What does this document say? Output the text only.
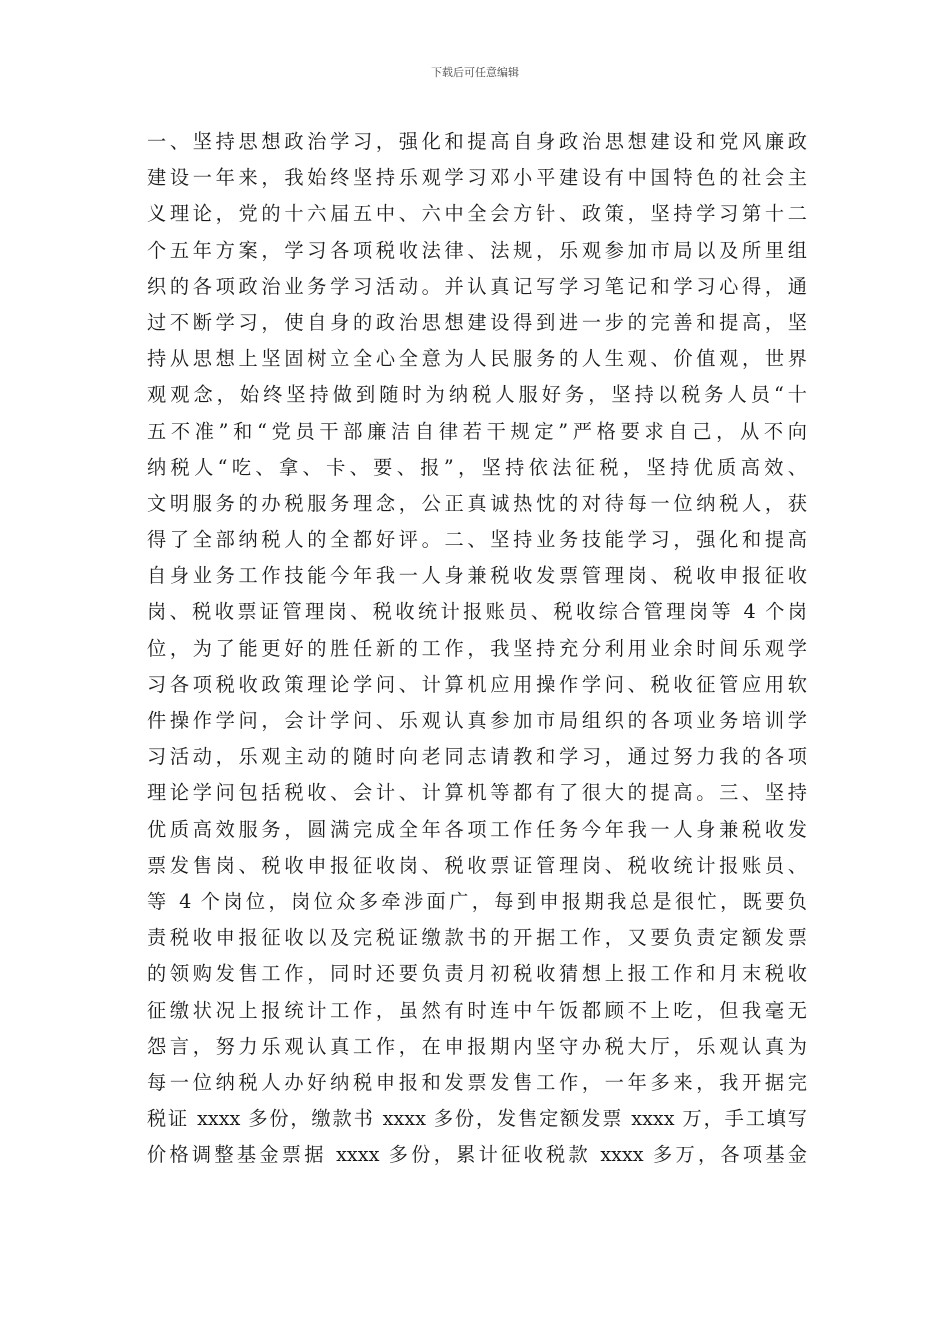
下载后可任意编辑
一、坚持思想政治学习，强化和提高自身政治思想建设和党风廉政
建设一年来，我始终坚持乐观学习邓小平建设有中国特色的社会主
义理论，党的十六届五中、六中全会方针、政策，坚持学习第十二
个五年方案，学习各项税收法律、法规，乐观参加市局以及所里组
织的各项政治业务学习活动。并认真记写学习笔记和学习心得，通
过不断学习，使自身的政治思想建设得到进一步的完善和提高，坚
持从思想上坚固树立全心全意为人民服务的人生观、价值观，世界
观观念，始终坚持做到随时为纳税人服好务，坚持以税务人员“十
五不准”和“党员干部廉洁自律若干规定”严格要求自己，从不向
纳税人“吃、拿、卡、要、报”，坚持依法征税，坚持优质高效、
文明服务的办税服务理念，公正真诚热忱的对待每一位纳税人，获
得了全部纳税人的全都好评。二、坚持业务技能学习，强化和提高
自身业务工作技能今年我一人身兼税收发票管理岗、税收申报征收
岗、税收票证管理岗、税收统计报账员、税收综合管理岗等 4 个岗
位，为了能更好的胜任新的工作，我坚持充分利用业余时间乐观学
习各项税收政策理论学问、计算机应用操作学问、税收征管应用软
件操作学问，会计学问、乐观认真参加市局组织的各项业务培训学
习活动，乐观主动的随时向老同志请教和学习，通过努力我的各项
理论学问包括税收、会计、计算机等都有了很大的提高。三、坚持
优质高效服务，圆满完成全年各项工作任务今年我一人身兼税收发
票发售岗、税收申报征收岗、税收票证管理岗、税收统计报账员、
等 4 个岗位，岗位众多牵涉面广，每到申报期我总是很忙，既要负
责税收申报征收以及完税证缴款书的开据工作，又要负责定额发票
的领购发售工作，同时还要负责月初税收猜想上报工作和月末税收
征缴状况上报统计工作，虽然有时连中午饭都顾不上吃，但我毫无
怨言，努力乐观认真工作，在申报期内坚守办税大厅，乐观认真为
每一位纳税人办好纳税申报和发票发售工作，一年多来，我开据完
税证 xxxx 多份，缴款书 xxxx 多份，发售定额发票 xxxx 万，手工填写
价格调整基金票据 xxxx 多份，累计征收税款 xxxx 多万，各项基金
